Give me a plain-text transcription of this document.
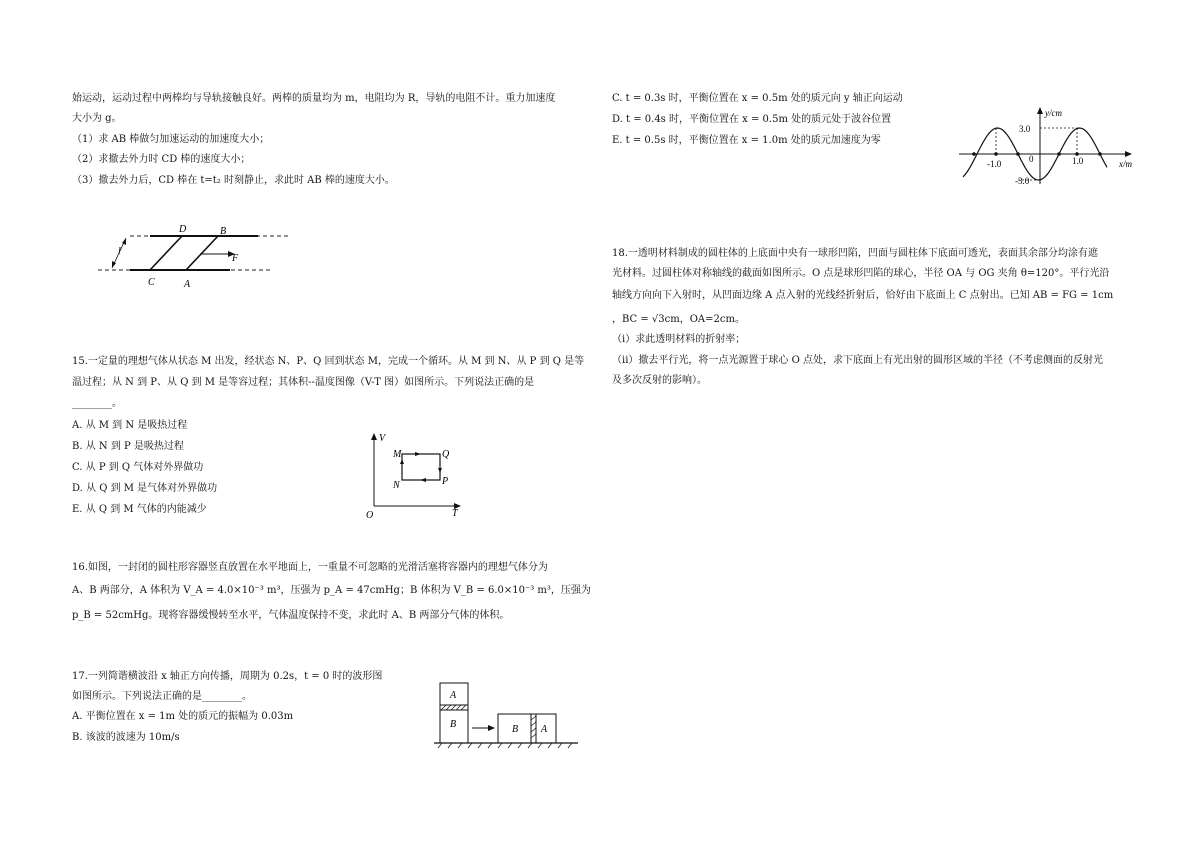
始运动，运动过程中两棒均与导轨接触良好。两棒的质量均为 m，电阻均为 R，导轨的电阻不计。重力加速度
大小为 g。
（1）求 AB 棒做匀加速运动的加速度大小；
（2）求撤去外力时 CD 棒的速度大小；
（3）撤去外力后，CD 棒在 t=t₂ 时刻静止，求此时 AB 棒的速度大小。
D	B
l
F
C	A
15.一定量的理想气体从状态 M 出发，经状态 N、P、Q 回到状态 M，完成一个循环。从 M 到 N、从 P 到 Q 是等
温过程；从 N 到 P、从 Q 到 M 是等容过程；其体积--温度图像（V-T 图）如图所示。下列说法正确的是
________。
A. 从 M 到 N 是吸热过程
B. 从 N 到 P 是吸热过程
C. 从 P 到 Q 气体对外界做功
D. 从 Q 到 M 是气体对外界做功
E. 从 Q 到 M 气体的内能减少
V
T
O
M	Q
N	P
16.如图，一封闭的圆柱形容器竖直放置在水平地面上，一重量不可忽略的光滑活塞将容器内的理想气体分为
A、B 两部分，A 体积为 V_A = 4.0×10⁻³ m³，压强为 p_A = 47cmHg；B 体积为 V_B = 6.0×10⁻³ m³，压强为
p_B = 52cmHg。现将容器缓慢转至水平，气体温度保持不变，求此时 A、B 两部分气体的体积。
17.一列简谐横波沿 x 轴正方向传播，周期为 0.2s，t = 0 时的波形图
如图所示。下列说法正确的是________。
A. 平衡位置在 x = 1m 处的质元的振幅为 0.03m
B. 该波的波速为 10m/s
A
B	B A
C. t = 0.3s 时，平衡位置在 x = 0.5m 处的质元向 y 轴正向运动
D. t = 0.4s 时，平衡位置在 x = 0.5m 处的质元处于波谷位置
E. t = 0.5s 时，平衡位置在 x = 1.0m 处的质元加速度为零
y/cm
x/m
3.0
-3.0
-1.0	0	1.0
18.一透明材料制成的圆柱体的上底面中央有一球形凹陷，凹面与圆柱体下底面可透光，表面其余部分均涂有遮
光材料。过圆柱体对称轴线的截面如图所示。O 点是球形凹陷的球心，半径 OA 与 OG 夹角 θ=120°。平行光沿
轴线方向向下入射时，从凹面边缘 A 点入射的光线经折射后，恰好由下底面上 C 点射出。已知 AB = FG = 1cm
，BC = √3cm，OA=2cm。
（i）求此透明材料的折射率；
（ii）撤去平行光，将一点光源置于球心 O 点处，求下底面上有光出射的圆形区域的半径（不考虑侧面的反射光
及多次反射的影响）。
